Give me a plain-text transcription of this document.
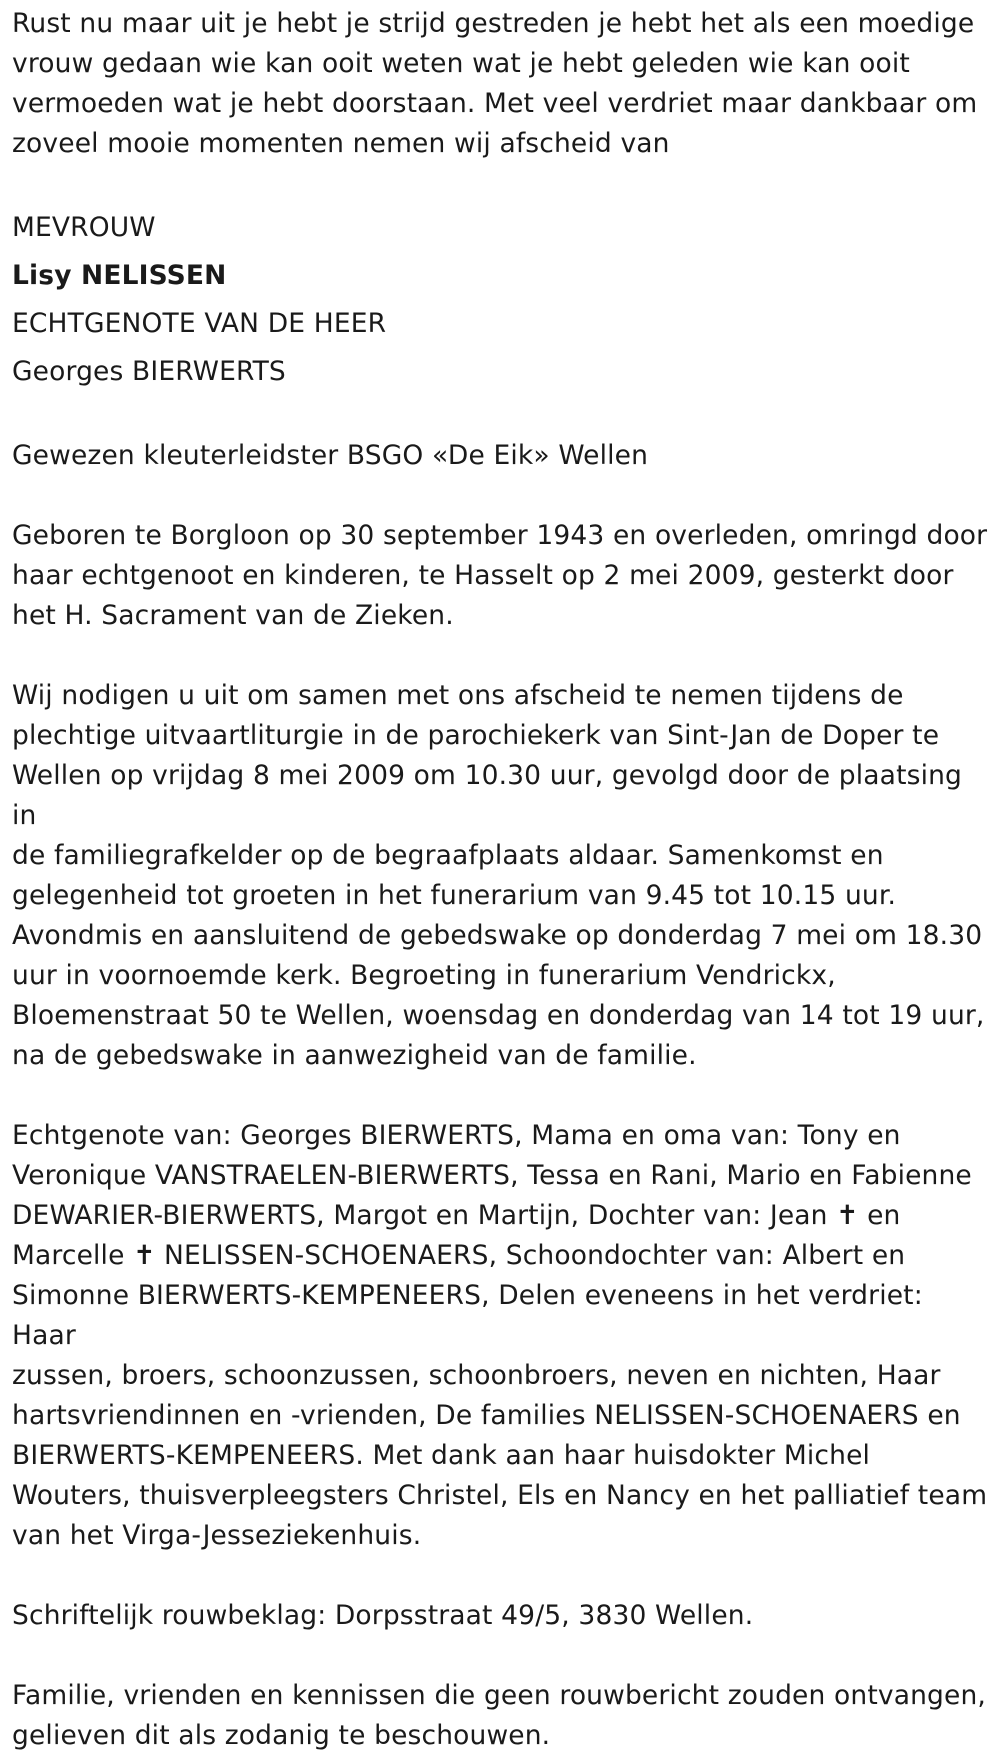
Rust nu maar uit je hebt je strijd gestreden je hebt het als een moedige
vrouw gedaan wie kan ooit weten wat je hebt geleden wie kan ooit
vermoeden wat je hebt doorstaan. Met veel verdriet maar dankbaar om
zoveel mooie momenten nemen wij afscheid van

MEVROUW

Lisy NELISSEN

ECHTGENOTE VAN DE HEER

Georges BIERWERTS

Gewezen kleuterleidster BSGO «De Eik» Wellen

Geboren te Borgloon op 30 september 1943 en overleden, omringd door
haar echtgenoot en kinderen, te Hasselt op 2 mei 2009, gesterkt door
het H. Sacrament van de Zieken.

Wij nodigen u uit om samen met ons afscheid te nemen tijdens de
plechtige uitvaartliturgie in de parochiekerk van Sint-Jan de Doper te
Wellen op vrijdag 8 mei 2009 om 10.30 uur, gevolgd door de plaatsing in
de familiegrafkelder op de begraafplaats aldaar. Samenkomst en
gelegenheid tot groeten in het funerarium van 9.45 tot 10.15 uur.
Avondmis en aansluitend de gebedswake op donderdag 7 mei om 18.30
uur in voornoemde kerk. Begroeting in funerarium Vendrickx,
Bloemenstraat 50 te Wellen, woensdag en donderdag van 14 tot 19 uur,
na de gebedswake in aanwezigheid van de familie.

Echtgenote van: Georges BIERWERTS, Mama en oma van: Tony en
Veronique VANSTRAELEN-BIERWERTS, Tessa en Rani, Mario en Fabienne
DEWARIER-BIERWERTS, Margot en Martijn, Dochter van: Jean ✝ en
Marcelle ✝ NELISSEN-SCHOENAERS, Schoondochter van: Albert en
Simonne BIERWERTS-KEMPENEERS, Delen eveneens in het verdriet: Haar
zussen, broers, schoonzussen, schoonbroers, neven en nichten, Haar
hartsvriendinnen en -vrienden, De families NELISSEN-SCHOENAERS en
BIERWERTS-KEMPENEERS. Met dank aan haar huisdokter Michel
Wouters, thuisverpleegsters Christel, Els en Nancy en het palliatief team
van het Virga-Jesseziekenhuis.

Schriftelijk rouwbeklag: Dorpsstraat 49/5, 3830 Wellen.

Familie, vrienden en kennissen die geen rouwbericht zouden ontvangen,
gelieven dit als zodanig te beschouwen.
